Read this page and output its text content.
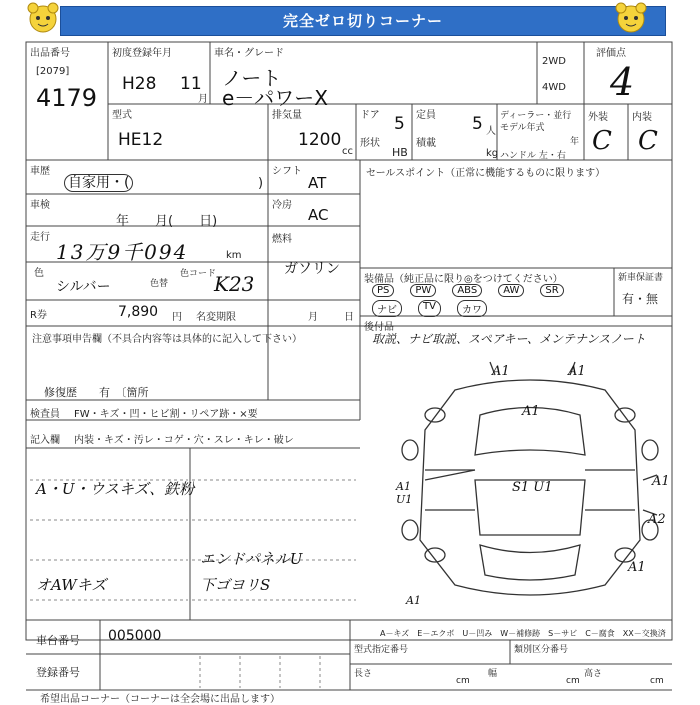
完全ゼロ切りコーナー
出品番号
[2079]
4179
初度登録年月
H28 11
月
車名・グレード
ノート
e－パワーX
2WD
4WD
評価点
4
型式
HE12
排気量
1200
cc
ドア 5
形状
HB
定員 5 人
積載
kg
ディーラー・並行
モデル年式
年
ハンドル 左・右
外装
C
内装
C
車歴
自家用・(	)
シフト
AT
車検
年　　月(　　日)
冷房
AC
走行
13万9千094	km
燃料
ガソリン
色
シルバー	色替
色コード
K23
R券	7,890 円 名変期限	月	日
セールスポイント（正常に機能するものに限ります）
装備品（純正品に限り◎をつけてください）
PS	PW	ABS	AW	SR
ナビ	TV	カワ
新車保証書
有・無
後付品
取説、ナビ取説、スペアキー、メンテナンスノート
注意事項申告欄（不具合内容等は具体的に記入して下さい）
修復歴　　有　〔箇所
検査員 FW・キズ・凹・ヒビ割・リペア跡・×要
記入欄 内装・キズ・汚レ・コゲ・穴・スレ・キレ・破レ
A・U・ウスキズ、鉄粉
オAWキズ
エンドパネルU
下ゴヨリS
A1	A1
A1
A1
A1
A2
A1
S1 U1
A1 U1
車台番号 005000
登録番号
A－キズ　E－エクボ　U－凹み　W－補修跡　S－サビ　C－腐食　XX－交換済
型式指定番号	類別区分番号
長さ
cm
幅
cm
高さ
cm
希望出品コーナー（コーナーは全会場に出品します）
